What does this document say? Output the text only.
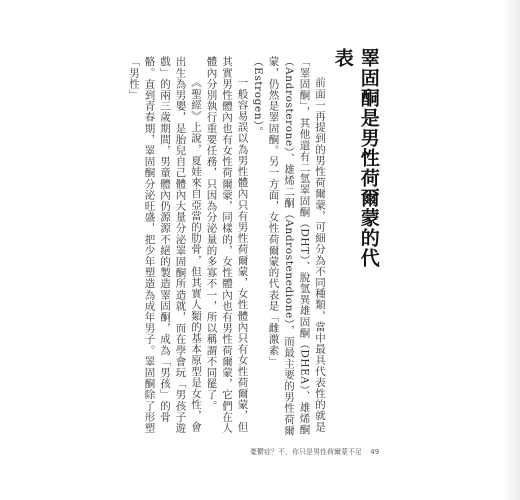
睪固酮是男性荷爾蒙的代表

前面一再提到的男性荷爾蒙，可細分為不同種類，當中最具代表性的就是「睪固酮」，其他還有二氫睪固酮（DHT）、脫氫異雄固酮（DHEA）、雄烯酮（Androsterone）、雄烯二酮（Androstenedione），而最主要的男性荷爾蒙，仍然是睪固酮。另一方面，女性荷爾蒙的代表是「雌激素」（Estrogen）。

一般容易誤以為男性體內只有男性荷爾蒙，女性體內只有女性荷爾蒙，但其實男性體內也有女性荷爾蒙，同樣的，女性體內也有男性荷爾蒙，它們在人體內分別執行重要任務，只因為分泌量的多寡不一，所以稱謂不同罷了。

《聖經》上說，夏娃來自亞當的肋骨，但其實人類的基本原型是女性，會出生為男嬰，是胎兒自己體內大量分泌睪固酮所造就，而在學會玩「男孩子遊戲」的兩三歲期間，男童體內仍源源不絕的製造睪固酮，成為「男孩」的骨骼。直到青春期，睪固酮分泌旺盛，把少年塑造為成年男子。睪固酮除了形塑「男性」

憂鬱症？不，你只是男性荷爾蒙不足 49
